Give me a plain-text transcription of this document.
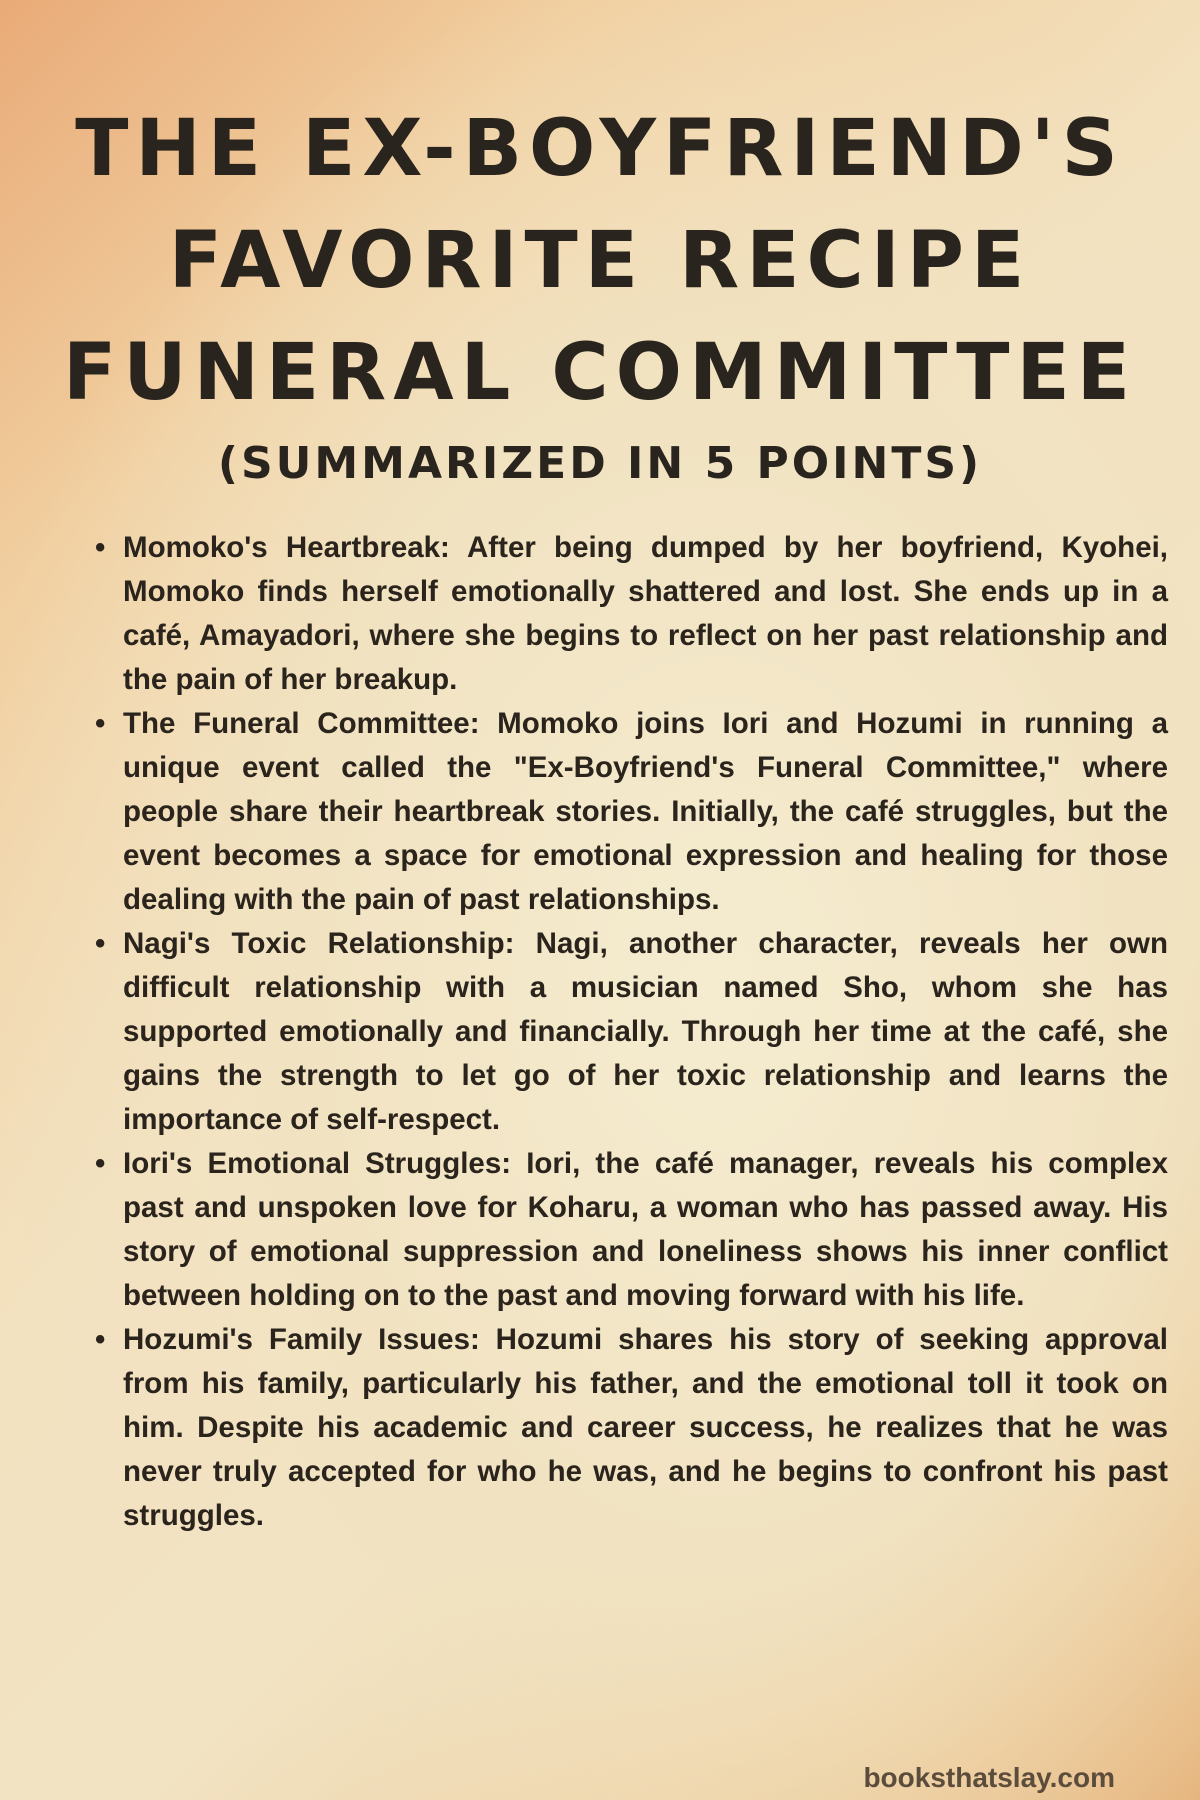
THE EX-BOYFRIEND'S
FAVORITE RECIPE
FUNERAL COMMITTEE
(SUMMARIZED IN 5 POINTS)
• Momoko's Heartbreak: After being dumped by her boyfriend, Kyohei, Momoko finds herself emotionally shattered and lost. She ends up in a café, Amayadori, where she begins to reflect on her past relationship and the pain of her breakup.
• The Funeral Committee: Momoko joins Iori and Hozumi in running a unique event called the "Ex-Boyfriend's Funeral Committee," where people share their heartbreak stories. Initially, the café struggles, but the event becomes a space for emotional expression and healing for those dealing with the pain of past relationships.
• Nagi's Toxic Relationship: Nagi, another character, reveals her own difficult relationship with a musician named Sho, whom she has supported emotionally and financially. Through her time at the café, she gains the strength to let go of her toxic relationship and learns the importance of self-respect.
• Iori's Emotional Struggles: Iori, the café manager, reveals his complex past and unspoken love for Koharu, a woman who has passed away. His story of emotional suppression and loneliness shows his inner conflict between holding on to the past and moving forward with his life.
• Hozumi's Family Issues: Hozumi shares his story of seeking approval from his family, particularly his father, and the emotional toll it took on him. Despite his academic and career success, he realizes that he was never truly accepted for who he was, and he begins to confront his past struggles.
booksthatslay.com
